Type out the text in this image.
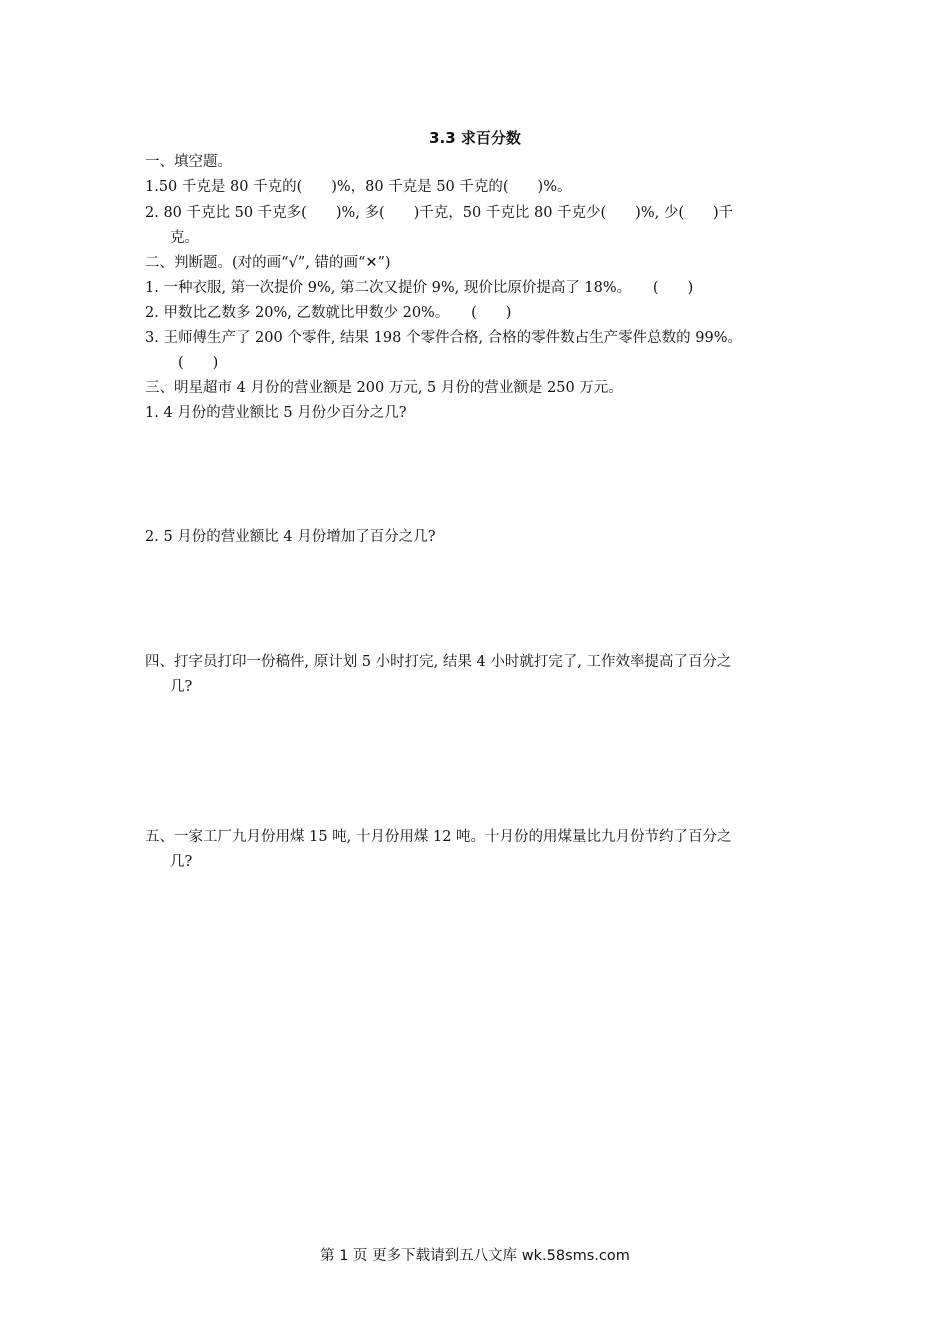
3.3 求百分数
一、填空题。
1.50 千克是 80 千克的(　　)%，80 千克是 50 千克的(　　)%。
2. 80 千克比 50 千克多(　　)%, 多(　　)千克，50 千克比 80 千克少(　　)%, 少(　　)千
克。
二、判断题。(对的画“√”, 错的画“✕”)
1. 一种衣服, 第一次提价 9%, 第二次又提价 9%, 现价比原价提高了 18%。　　(　　)
2. 甲数比乙数多 20%, 乙数就比甲数少 20%。　　(　　)
3. 王师傅生产了 200 个零件, 结果 198 个零件合格, 合格的零件数占生产零件总数的 99%。
(　　)
三、明星超市 4 月份的营业额是 200 万元, 5 月份的营业额是 250 万元。
1. 4 月份的营业额比 5 月份少百分之几?
2. 5 月份的营业额比 4 月份增加了百分之几?
四、打字员打印一份稿件, 原计划 5 小时打完, 结果 4 小时就打完了, 工作效率提高了百分之
几?
五、一家工厂九月份用煤 15 吨, 十月份用煤 12 吨。十月份的用煤量比九月份节约了百分之
几?
第 1 页 更多下载请到五八文库 wk.58sms.com
